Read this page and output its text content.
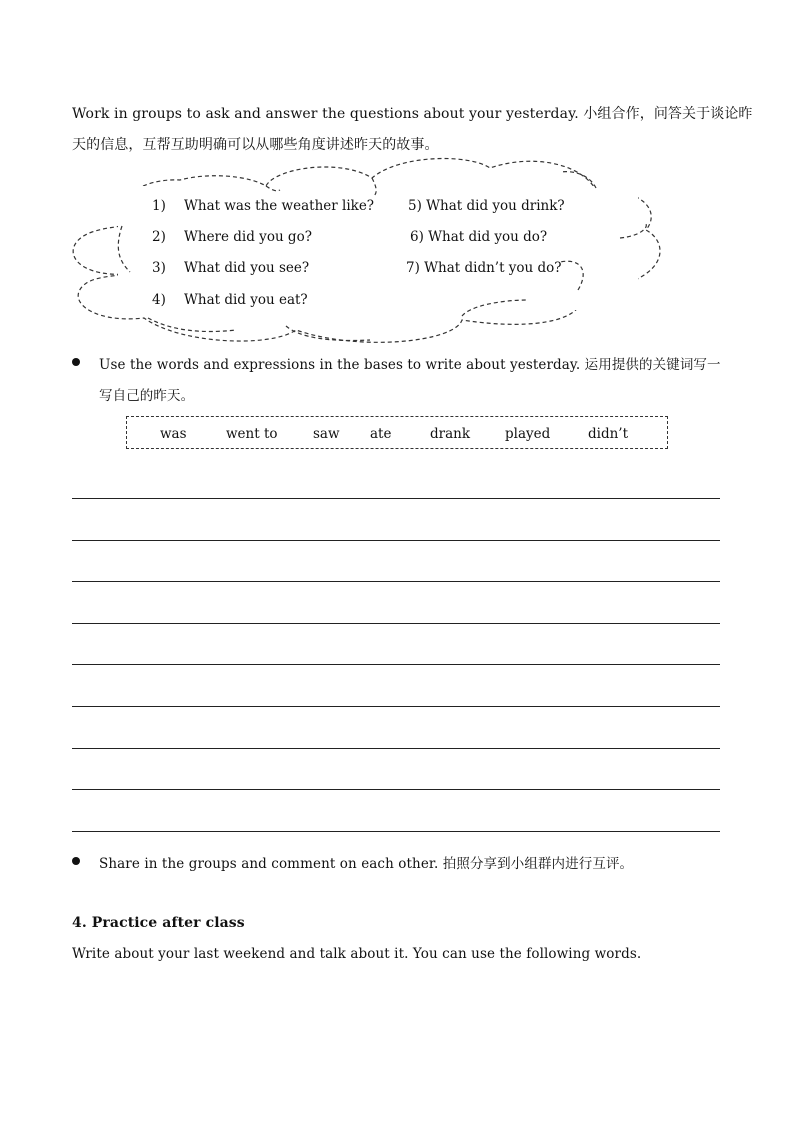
Work in groups to ask and answer the questions about your yesterday. 小组合作，问答关于谈论昨
天的信息，互帮互助明确可以从哪些角度讲述昨天的故事。
1) What was the weather like?
2) Where did you go?
3) What did you see?
4) What did you eat?
5) What did you drink?
6) What did you do?
7) What didn’t you do?
Use the words and expressions in the bases to write about yesterday. 运用提供的关键词写一
写自己的昨天。
was	went to	saw ate	drank	played	didn’t
Share in the groups and comment on each other. 拍照分享到小组群内进行互评。
4. Practice after class
Write about your last weekend and talk about it. You can use the following words.
